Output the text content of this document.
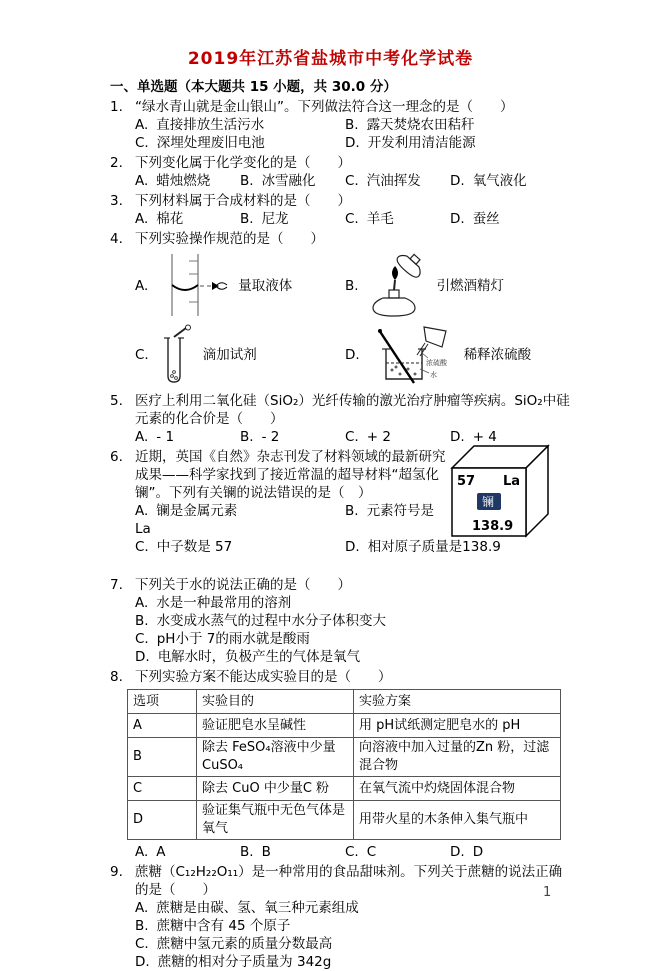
2019年江苏省盐城市中考化学试卷
一、单选题（本大题共 15 小题，共 30.0 分）
1. “绿水青山就是金山银山”。下列做法符合这一理念的是（　　）
A. 直接排放生活污水	B. 露天焚烧农田秸秆
C. 深埋处理废旧电池	D. 开发利用清洁能源
2. 下列变化属于化学变化的是（　　）
A. 蜡烛燃烧 B. 冰雪融化 C. 汽油挥发 D. 氧气液化
3. 下列材料属于合成材料的是（　　）
A. 棉花	B. 尼龙	C. 羊毛	D. 蚕丝
4. 下列实验操作规范的是（　　）
A.	量取液体	B.	引燃酒精灯
C.	滴加试剂	D.	浓硫酸
水
稀释浓硫酸
5. 医疗上利用二氧化硅（SiO₂）光纤传输的激光治疗肿瘤等疾病。SiO₂中硅元素的化合价是（　　）
A. - 1	B. - 2	C. + 2	D. + 4
6. 近期，英国《自然》杂志刊发了材料领域的最新研究成果——科学家找到了接近常温的超导材料“超氢化镧”。下列有关镧的说法错误的是（　）
57 La
镧
138.9
A. 镧是金属元素	B. 元素符号是
La
C. 中子数是 57	D. 相对原子质量是138.9
7. 下列关于水的说法正确的是（　　）
A. 水是一种最常用的溶剂
B. 水变成水蒸气的过程中水分子体积变大
C. pH小于 7的雨水就是酸雨
D. 电解水时，负极产生的气体是氧气
8. 下列实验方案不能达成实验目的是（　　）
选项	实验目的	实验方案
A	验证肥皂水呈碱性	用 pH试纸测定肥皂水的 pH
B	除去 FeSO₄溶液中少量 CuSO₄	向溶液中加入过量的Zn 粉，过滤混合物
C	除去 CuO 中少量C 粉	在氧气流中灼烧固体混合物
D	验证集气瓶中无色气体是氧气	用带火星的木条伸入集气瓶中
A. A	B. B	C. C	D. D
9. 蔗糖（C₁₂H₂₂O₁₁）是一种常用的食品甜味剂。下列关于蔗糖的说法正确的是（　　）
A. 蔗糖是由碳、氢、氧三种元素组成
B. 蔗糖中含有 45 个原子
C. 蔗糖中氢元素的质量分数最高
D. 蔗糖的相对分子质量为 342g
1
